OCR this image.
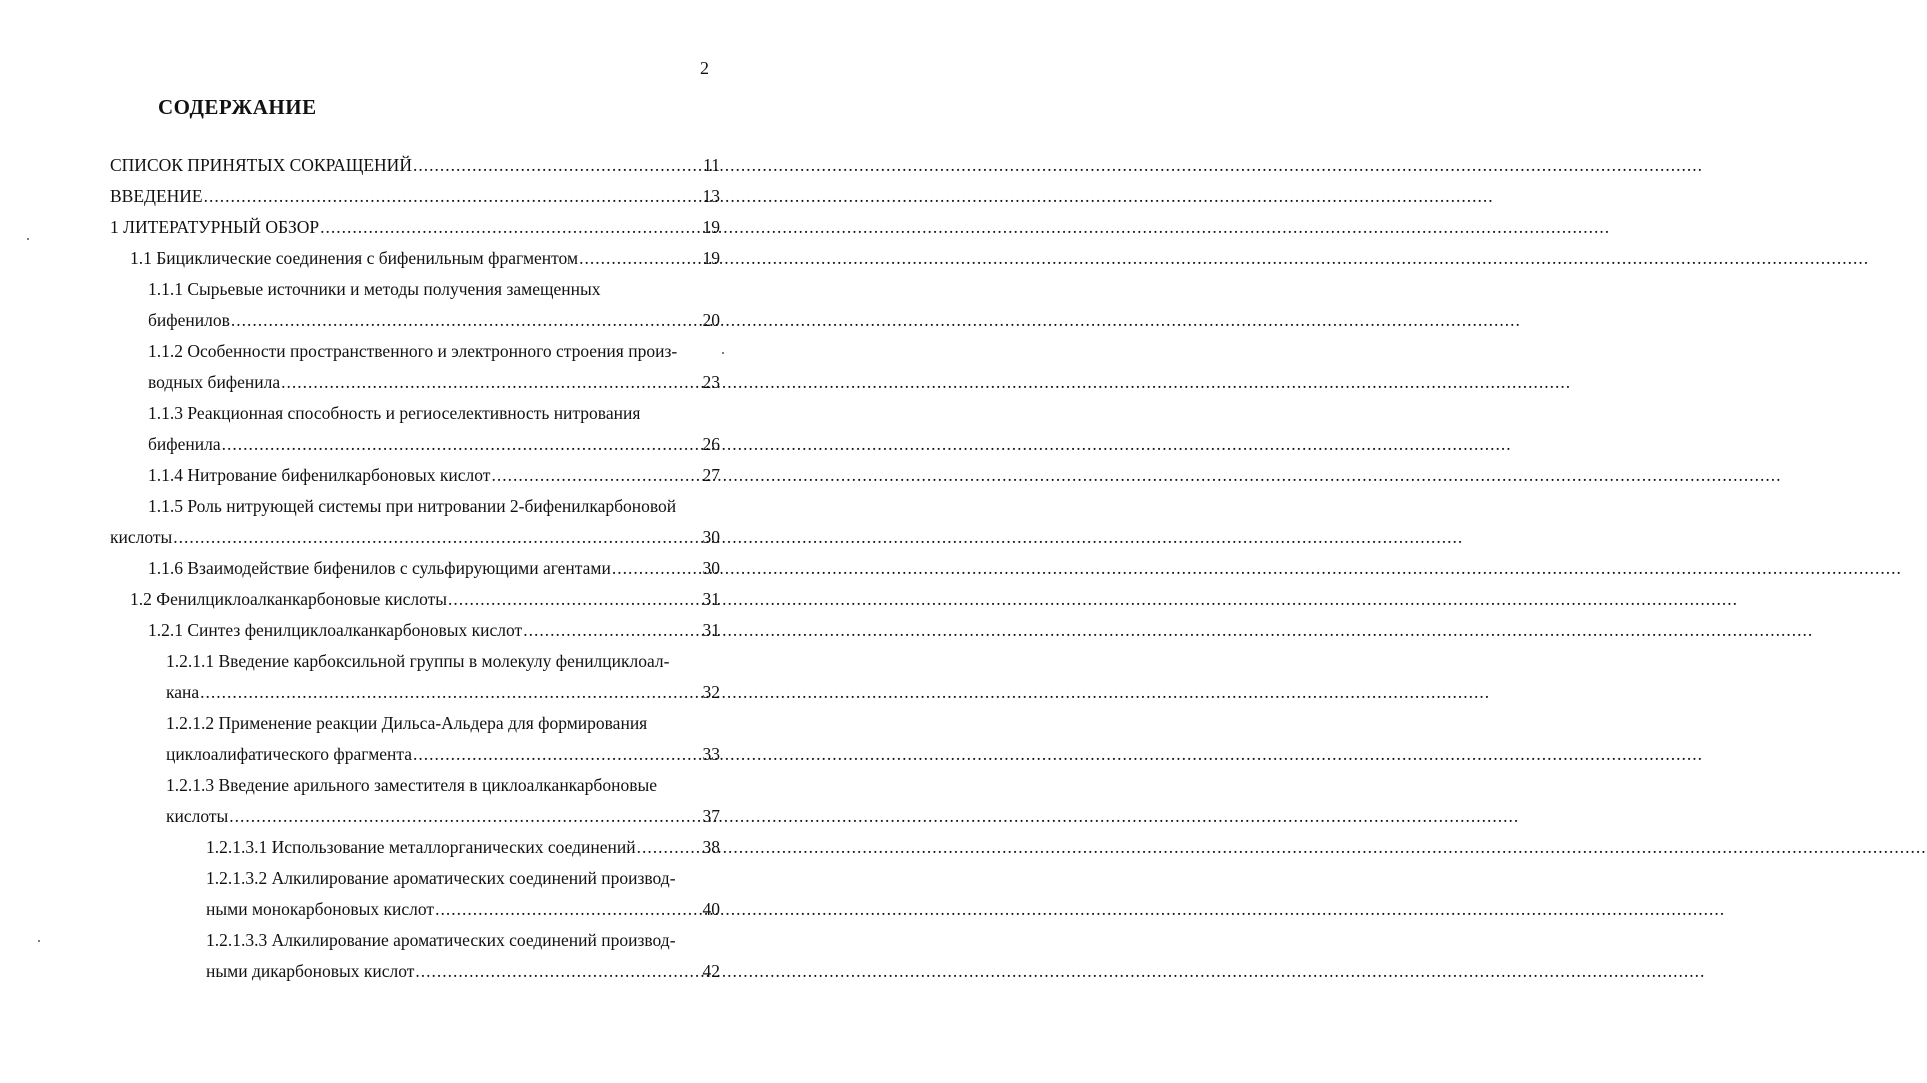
2
СОДЕРЖАНИЕ
СПИСОК ПРИНЯТЫХ СОКРАЩЕНИЙ .....	11
ВВЕДЕНИЕ .....	13
1 ЛИТЕРАТУРНЫЙ ОБЗОР .....	19
1.1 Бициклические соединения с бифенильным фрагментом .....	19
1.1.1 Сырьевые источники и методы получения замещенных
бифенилов .....	20
1.1.2 Особенности пространственного и электронного строения произ-
водных бифенила .....	23
1.1.3 Реакционная способность и региоселективность нитрования
бифенила .....	26
1.1.4 Нитрование бифенилкарбоновых кислот .....	27
1.1.5 Роль нитрующей системы при нитровании 2-бифенилкарбоновой
кислоты .....	30
1.1.6 Взаимодействие бифенилов с сульфирующими агентами .....	30
1.2 Фенилциклоалканкарбоновые кислоты .....	31
1.2.1 Синтез фенилциклоалканкарбоновых кислот .....	31
1.2.1.1 Введение карбоксильной группы в молекулу фенилциклоал-
кана .....	32
1.2.1.2 Применение реакции Дильса-Альдера для формирования
циклоалифатического фрагмента .....	33
1.2.1.3 Введение арильного заместителя в циклоалканкарбоновые
кислоты .....	37
1.2.1.3.1 Использование металлорганических соединений .....	38
1.2.1.3.2 Алкилирование ароматических соединений производ-
ными монокарбоновых кислот .....	40
1.2.1.3.3 Алкилирование ароматических соединений производ-
ными дикарбоновых кислот .....	42
